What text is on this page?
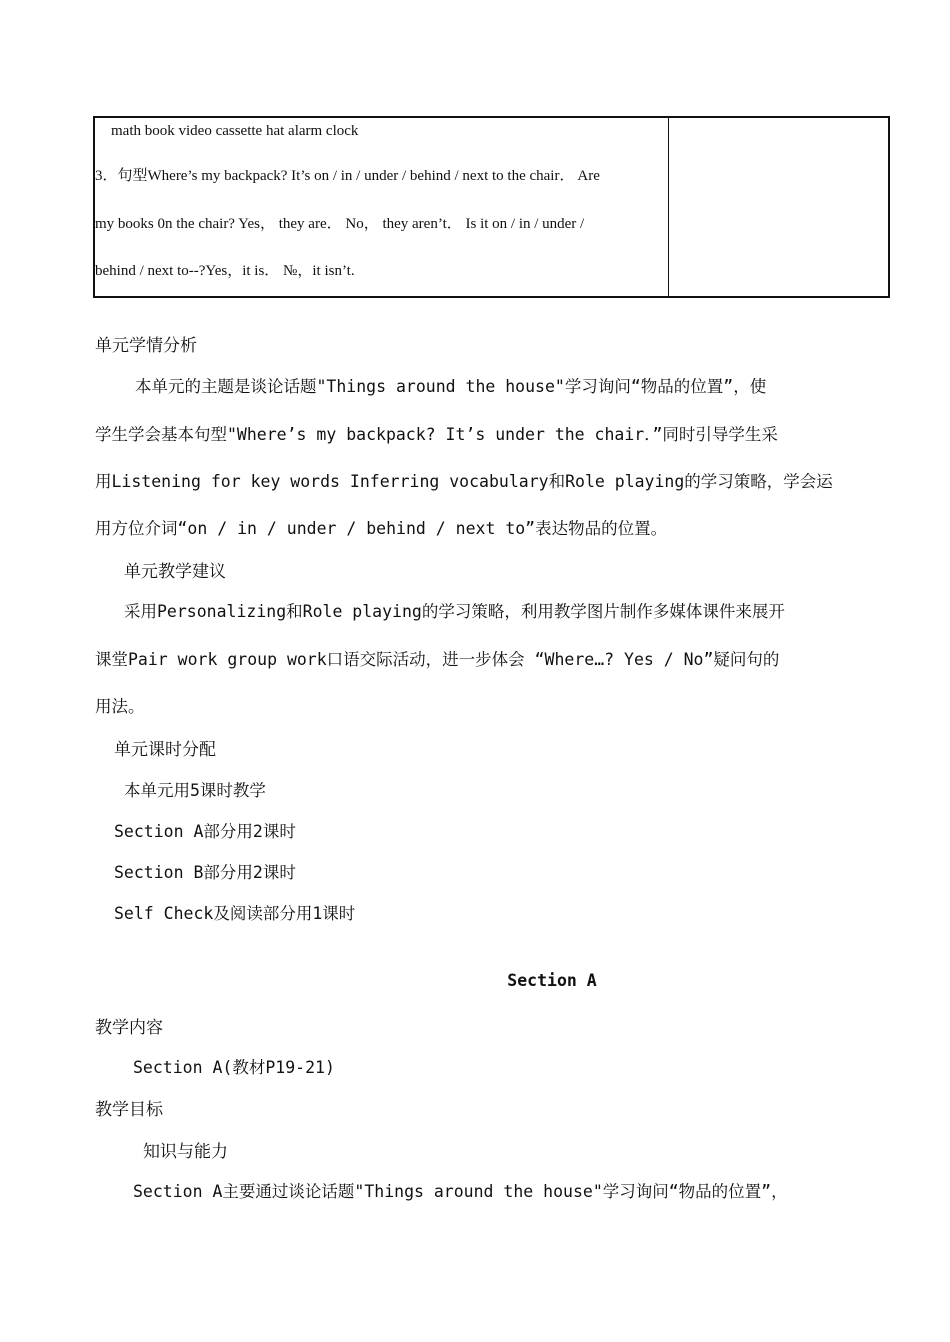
math book video cassette hat alarm clock
3．句型Where’s my backpack? It’s on / in / under / behind / next to the chair． Are
my books 0n the chair? Yes， they are． No， they aren’t． Is it on / in / under /
behind / next to--?Yes，it is． №，it isn’t.
单元学情分析
本单元的主题是谈论话题"Things around the house"学习询问“物品的位置”，使
学生学会基本句型"Where’s my backpack? It’s under the chair．”同时引导学生采
用Listening for key words Inferring vocabulary和Role playing的学习策略，学会运
用方位介词“on / in / under / behind / next to”表达物品的位置。
单元教学建议
采用Personalizing和Role playing的学习策略，利用教学图片制作多媒体课件来展开
课堂Pair work group work口语交际活动，进一步体会 “Where…? Yes / No”疑问句的
用法。
单元课时分配
本单元用5课时教学
Section A部分用2课时
Section B部分用2课时
Self Check及阅读部分用1课时
Section A
教学内容
Section A(教材P19-21)
教学目标
知识与能力
Section A主要通过谈论话题"Things around the house"学习询问“物品的位置”，
